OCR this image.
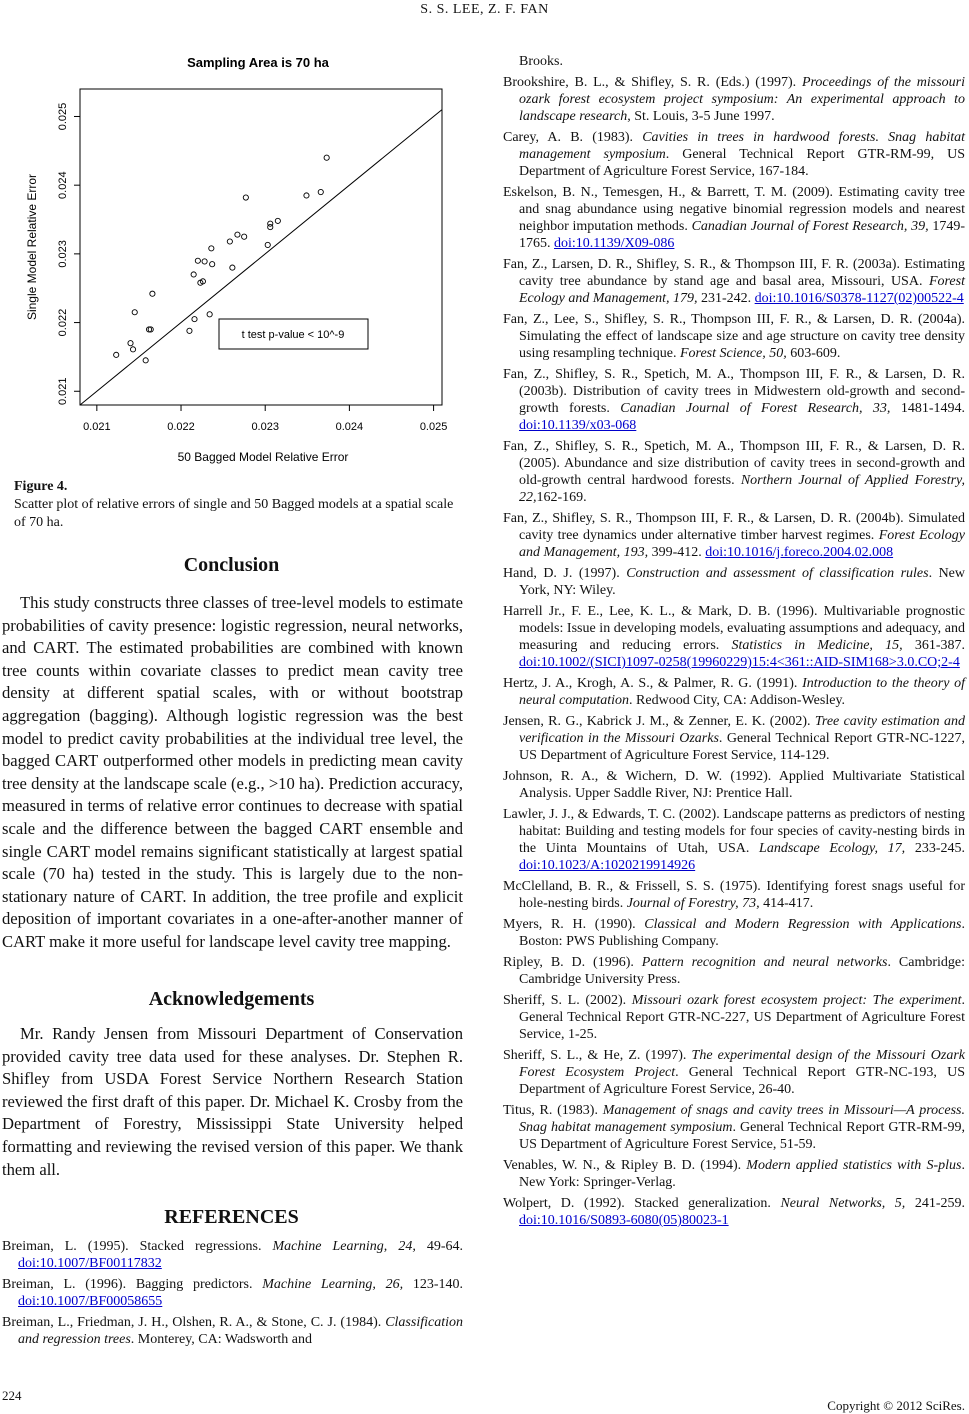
S. S. LEE, Z. F. FAN
Sampling Area is 70 ha
0.021	0.022	0.023	0.024	0.025
0.021
0.022
0.023
0.024
0.025
50 Bagged Model Relative Error
Single Model Relative Error
t test p-value < 10^-9
Figure 4.
Scatter plot of relative errors of single and 50 Bagged models at a spatial scale of 70 ha.
Conclusion
This study constructs three classes of tree-level models to estimate probabilities of cavity presence: logistic regression, neural networks, and CART. The estimated probabilities are combined with known tree counts within covariate classes to predict mean cavity tree density at different spatial scales, with or without bootstrap aggregation (bagging). Although logistic regression was the best model to predict cavity probabilities at the individual tree level, the bagged CART outperformed other models in predicting mean cavity tree density at the landscape scale (e.g., >10 ha). Prediction accuracy, measured in terms of relative error continues to decrease with spatial scale and the difference between the bagged CART ensemble and single CART model remains significant statistically at largest spatial scale (70 ha) tested in the study. This is largely due to the non-stationary nature of CART. In addition, the tree profile and explicit deposition of important covariates in a one-after-another manner of CART make it more useful for landscape level cavity tree mapping.
Acknowledgements
Mr. Randy Jensen from Missouri Department of Conservation provided cavity tree data used for these analyses. Dr. Stephen R. Shifley from USDA Forest Service Northern Research Station reviewed the first draft of this paper. Dr. Michael K. Crosby from the Department of Forestry, Mississippi State University helped formatting and reviewing the revised version of this paper. We thank them all.
REFERENCES
Breiman, L. (1995). Stacked regressions. Machine Learning, 24, 49-64. doi:10.1007/BF00117832
Breiman, L. (1996). Bagging predictors. Machine Learning, 26, 123-140. doi:10.1007/BF00058655
Breiman, L., Friedman, J. H., Olshen, R. A., & Stone, C. J. (1984). Classification and regression trees. Monterey, CA: Wadsworth and
Brooks.
Brookshire, B. L., & Shifley, S. R. (Eds.) (1997). Proceedings of the missouri ozark forest ecosystem project symposium: An experimental approach to landscape research, St. Louis, 3-5 June 1997.
Carey, A. B. (1983). Cavities in trees in hardwood forests. Snag habitat management symposium. General Technical Report GTR-RM-99, US Department of Agriculture Forest Service, 167-184.
Eskelson, B. N., Temesgen, H., & Barrett, T. M. (2009). Estimating cavity tree and snag abundance using negative binomial regression models and nearest neighbor imputation methods. Canadian Journal of Forest Research, 39, 1749-1765. doi:10.1139/X09-086
Fan, Z., Larsen, D. R., Shifley, S. R., & Thompson III, F. R. (2003a). Estimating cavity tree abundance by stand age and basal area, Missouri, USA. Forest Ecology and Management, 179, 231-242. doi:10.1016/S0378-1127(02)00522-4
Fan, Z., Lee, S., Shifley, S. R., Thompson III, F. R., & Larsen, D. R. (2004a). Simulating the effect of landscape size and age structure on cavity tree density using resampling technique. Forest Science, 50, 603-609.
Fan, Z., Shifley, S. R., Spetich, M. A., Thompson III, F. R., & Larsen, D. R. (2003b). Distribution of cavity trees in Midwestern old-growth and second-growth forests. Canadian Journal of Forest Research, 33, 1481-1494. doi:10.1139/x03-068
Fan, Z., Shifley, S. R., Spetich, M. A., Thompson III, F. R., & Larsen, D. R. (2005). Abundance and size distribution of cavity trees in second-growth and old-growth central hardwood forests. Northern Journal of Applied Forestry, 22,162-169.
Fan, Z., Shifley, S. R., Thompson III, F. R., & Larsen, D. R. (2004b). Simulated cavity tree dynamics under alternative timber harvest regimes. Forest Ecology and Management, 193, 399-412. doi:10.1016/j.foreco.2004.02.008
Hand, D. J. (1997). Construction and assessment of classification rules. New York, NY: Wiley.
Harrell Jr., F. E., Lee, K. L., & Mark, D. B. (1996). Multivariable prognostic models: Issue in developing models, evaluating assumptions and adequacy, and measuring and reducing errors. Statistics in Medicine, 15, 361-387. doi:10.1002/(SICI)1097-0258(19960229)15:4<361::AID-SIM168>3.0.CO;2-4
Hertz, J. A., Krogh, A. S., & Palmer, R. G. (1991). Introduction to the theory of neural computation. Redwood City, CA: Addison-Wesley.
Jensen, R. G., Kabrick J. M., & Zenner, E. K. (2002). Tree cavity estimation and verification in the Missouri Ozarks. General Technical Report GTR-NC-1227, US Department of Agriculture Forest Service, 114-129.
Johnson, R. A., & Wichern, D. W. (1992). Applied Multivariate Statistical Analysis. Upper Saddle River, NJ: Prentice Hall.
Lawler, J. J., & Edwards, T. C. (2002). Landscape patterns as predictors of nesting habitat: Building and testing models for four species of cavity-nesting birds in the Uinta Mountains of Utah, USA. Landscape Ecology, 17, 233-245. doi:10.1023/A:1020219914926
McClelland, B. R., & Frissell, S. S. (1975). Identifying forest snags useful for hole-nesting birds. Journal of Forestry, 73, 414-417.
Myers, R. H. (1990). Classical and Modern Regression with Applications. Boston: PWS Publishing Company.
Ripley, B. D. (1996). Pattern recognition and neural networks. Cambridge: Cambridge University Press.
Sheriff, S. L. (2002). Missouri ozark forest ecosystem project: The experiment. General Technical Report GTR-NC-227, US Department of Agriculture Forest Service, 1-25.
Sheriff, S. L., & He, Z. (1997). The experimental design of the Missouri Ozark Forest Ecosystem Project. General Technical Report GTR-NC-193, US Department of Agriculture Forest Service, 26-40.
Titus, R. (1983). Management of snags and cavity trees in Missouri—A process. Snag habitat management symposium. General Technical Report GTR-RM-99, US Department of Agriculture Forest Service, 51-59.
Venables, W. N., & Ripley B. D. (1994). Modern applied statistics with S-plus. New York: Springer-Verlag.
Wolpert, D. (1992). Stacked generalization. Neural Networks, 5, 241-259. doi:10.1016/S0893-6080(05)80023-1
224
Copyright © 2012 SciRes.
